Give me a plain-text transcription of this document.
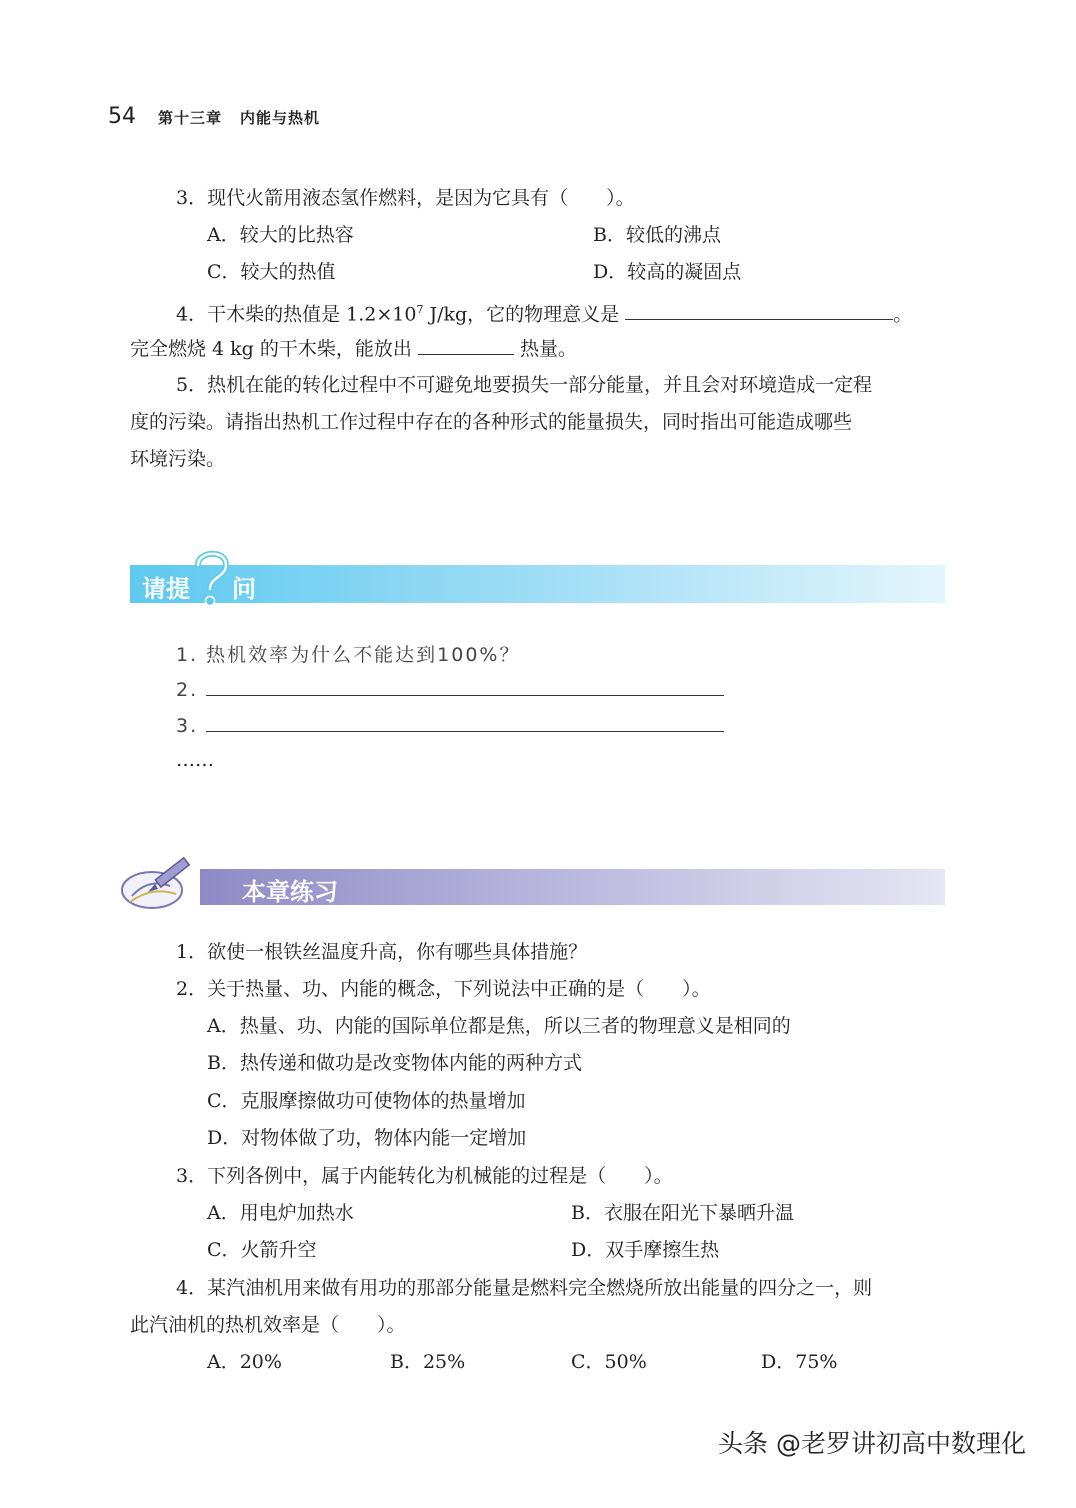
54 第十三章 内能与热机
3．现代火箭用液态氢作燃料，是因为它具有（　　）。
A．较大的比热容	B．较低的沸点
C．较大的热值	D．较高的凝固点
4．干木柴的热值是 $1.2\times 10^7$ J/kg，它的物理意义是	。
完全燃烧 4 kg 的干木柴，能放出	热量。
5．热机在能的转化过程中不可避免地要损失一部分能量，并且会对环境造成一定程
度的污染。请指出热机工作过程中存在的各种形式的能量损失，同时指出可能造成哪些
环境污染。
请提 问
1. 热机效率为什么不能达到100%？
2.
3.
……
本章练习
1．欲使一根铁丝温度升高，你有哪些具体措施？
2．关于热量、功、内能的概念，下列说法中正确的是（　　）。
A．热量、功、内能的国际单位都是焦，所以三者的物理意义是相同的
B．热传递和做功是改变物体内能的两种方式
C．克服摩擦做功可使物体的热量增加
D．对物体做了功，物体内能一定增加
3．下列各例中，属于内能转化为机械能的过程是（　　）。
A．用电炉加热水	B．衣服在阳光下暴晒升温
C．火箭升空	D．双手摩擦生热
4．某汽油机用来做有用功的那部分能量是燃料完全燃烧所放出能量的四分之一，则
此汽油机的热机效率是（　　）。
A．20%	B．25%	C．50%	D．75%
头条 @老罗讲初高中数理化
